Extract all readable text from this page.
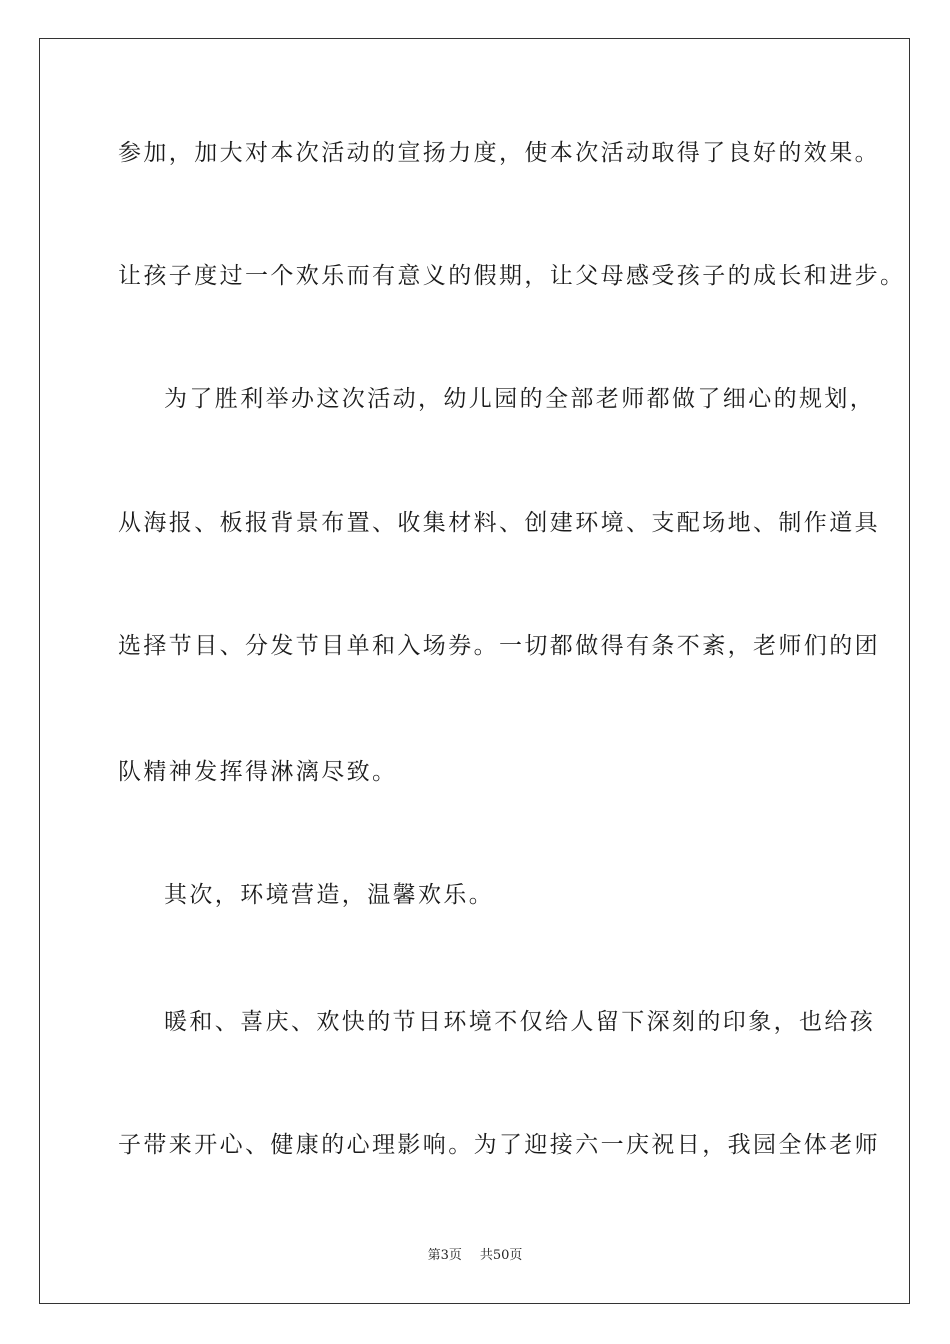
参加，加大对本次活动的宣扬力度，使本次活动取得了良好的效果。
让孩子度过一个欢乐而有意义的假期，让父母感受孩子的成长和进步。
为了胜利举办这次活动，幼儿园的全部老师都做了细心的规划，
从海报、板报背景布置、收集材料、创建环境、支配场地、制作道具
选择节目、分发节目单和入场券。一切都做得有条不紊，老师们的团
队精神发挥得淋漓尽致。
其次，环境营造，温馨欢乐。
暖和、喜庆、欢快的节日环境不仅给人留下深刻的印象，也给孩
子带来开心、健康的心理影响。为了迎接六一庆祝日，我园全体老师
第3页 共50页
